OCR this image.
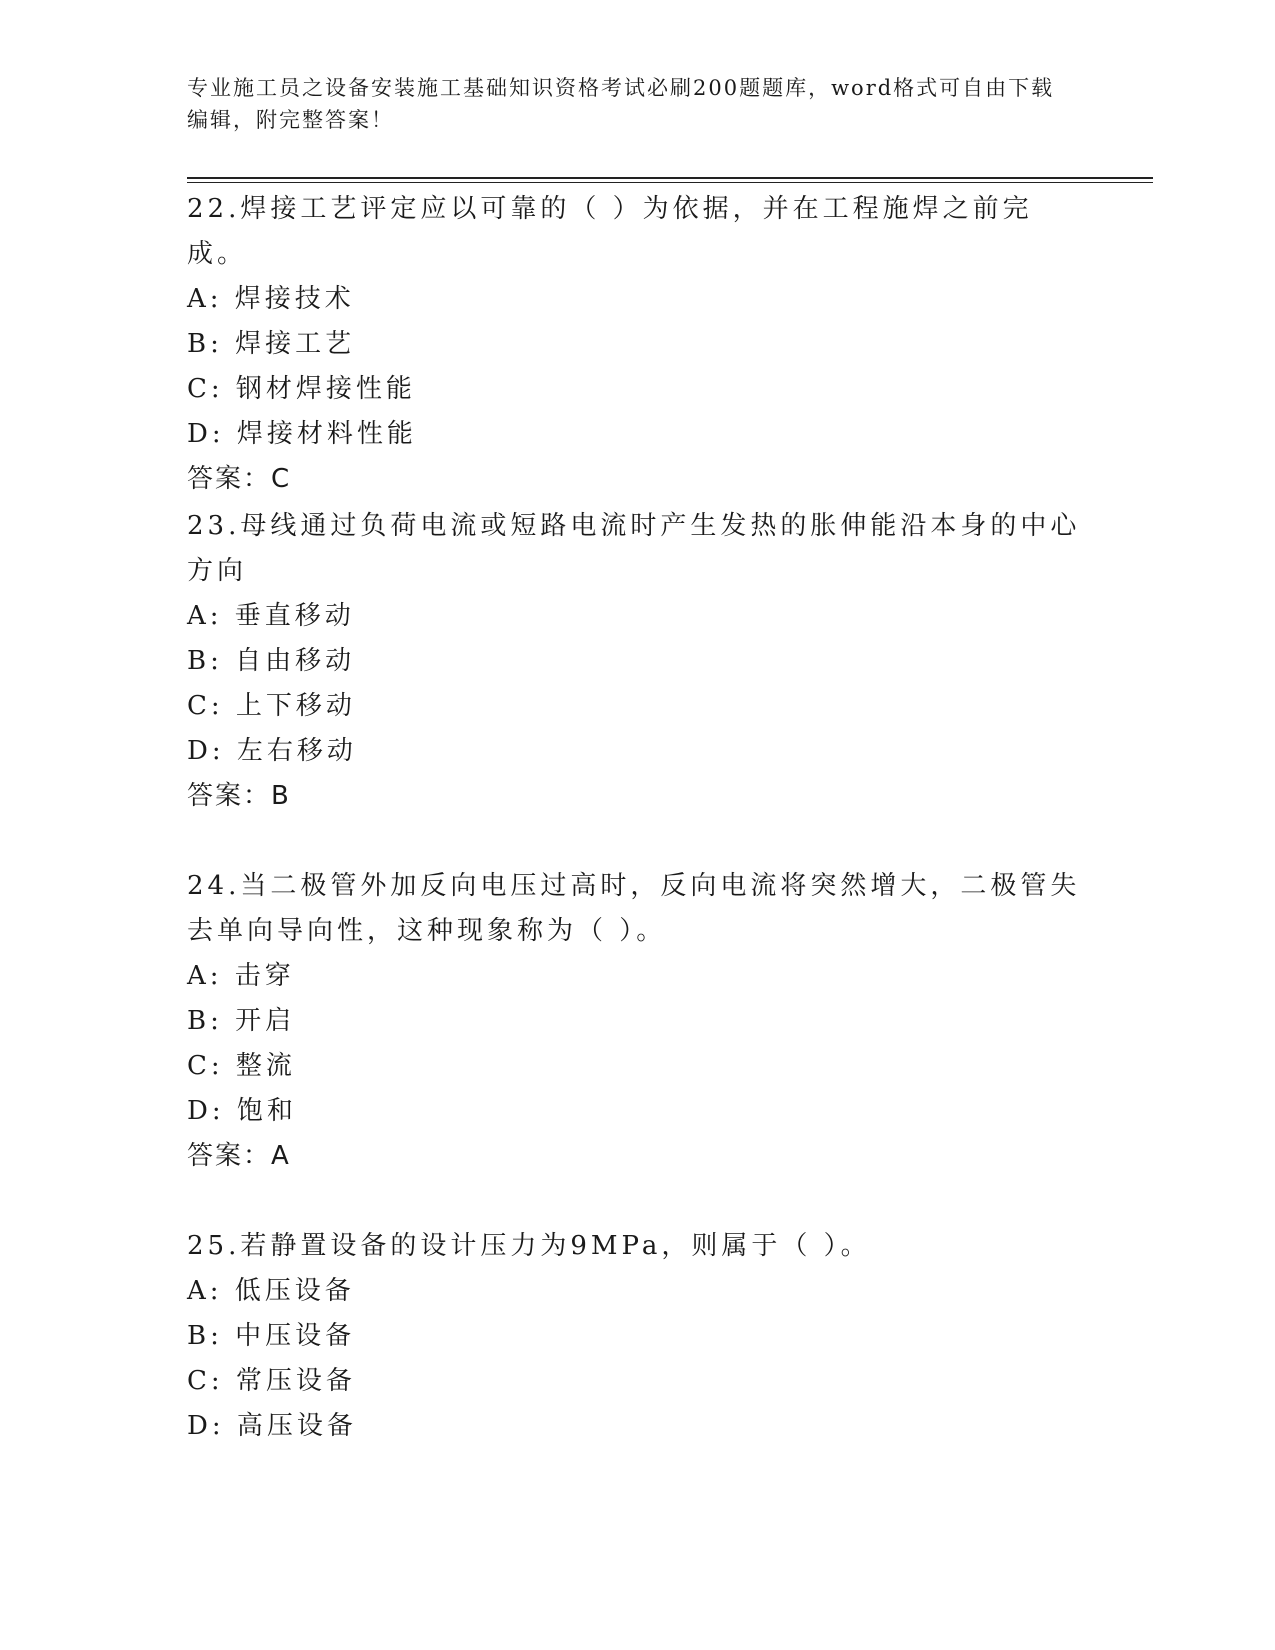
专业施工员之设备安装施工基础知识资格考试必刷200题题库，word格式可自由下载编辑，附完整答案！

22.焊接工艺评定应以可靠的（ ）为依据，并在工程施焊之前完成。

A: 焊接技术

B: 焊接工艺

C: 钢材焊接性能

D: 焊接材料性能

答案：C

23.母线通过负荷电流或短路电流时产生发热的胀伸能沿本身的中心方向

A: 垂直移动

B: 自由移动

C: 上下移动

D: 左右移动

答案：B

24.当二极管外加反向电压过高时，反向电流将突然增大，二极管失去单向导向性，这种现象称为（ ）。

A: 击穿

B: 开启

C: 整流

D: 饱和

答案：A

25.若静置设备的设计压力为9MPa，则属于（ ）。

A: 低压设备

B: 中压设备

C: 常压设备

D: 高压设备
